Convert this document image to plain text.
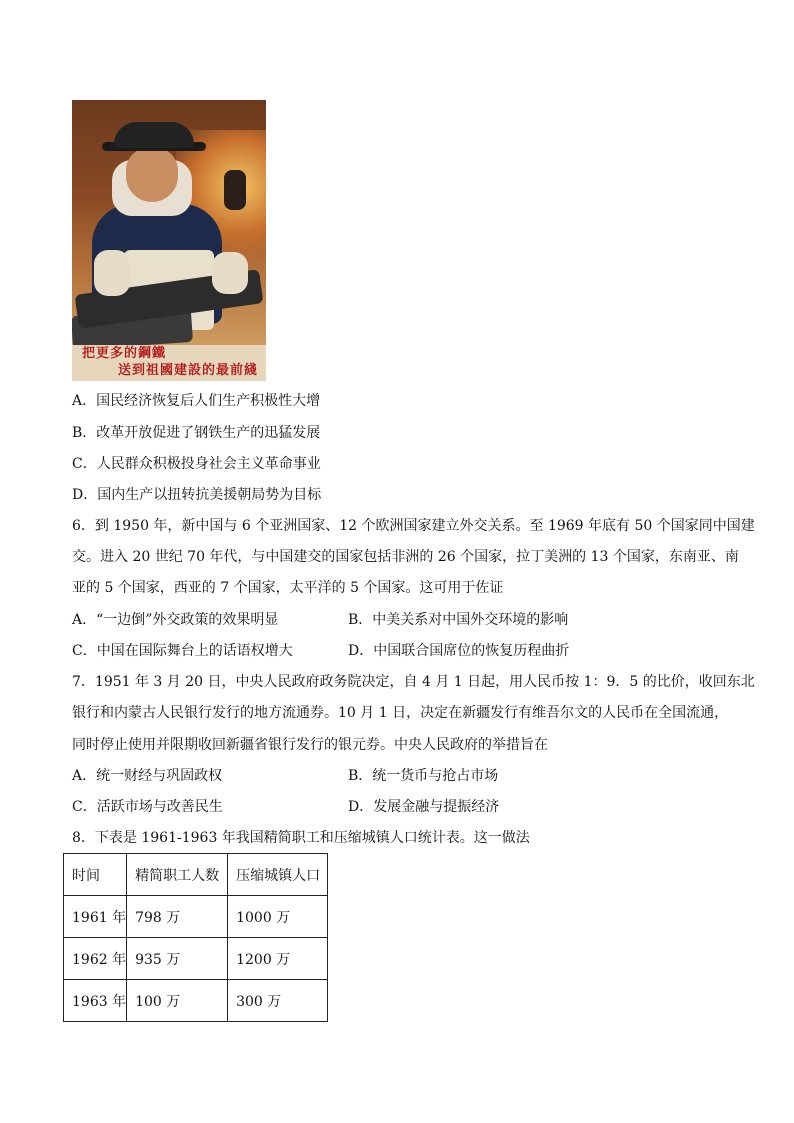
把更多的鋼鐵
送到祖國建設的最前綫
A．国民经济恢复后人们生产积极性大增
B．改革开放促进了钢铁生产的迅猛发展
C．人民群众积极投身社会主义革命事业
D．国内生产以扭转抗美援朝局势为目标
6．到 1950 年，新中国与 6 个亚洲国家、12 个欧洲国家建立外交关系。至 1969 年底有 50 个国家同中国建
交。进入 20 世纪 70 年代，与中国建交的国家包括非洲的 26 个国家，拉丁美洲的 13 个国家，东南亚、南
亚的 5 个国家，西亚的 7 个国家，太平洋的 5 个国家。这可用于佐证
A．“一边倒”外交政策的效果明显	B．中美关系对中国外交环境的影响
C．中国在国际舞台上的话语权增大	D．中国联合国席位的恢复历程曲折
7．1951 年 3 月 20 日，中央人民政府政务院决定，自 4 月 1 日起，用人民币按 1：9．5 的比价，收回东北
银行和内蒙古人民银行发行的地方流通券。10 月 1 日，决定在新疆发行有维吾尔文的人民币在全国流通，
同时停止使用并限期收回新疆省银行发行的银元券。中央人民政府的举措旨在
A．统一财经与巩固政权	B．统一货币与抢占市场
C．活跃市场与改善民生	D．发展金融与提振经济
8．下表是 1961-1963 年我国精简职工和压缩城镇人口统计表。这一做法
时间	精简职工人数	压缩城镇人口
1961 年	798 万	1000 万
1962 年	935 万	1200 万
1963 年	100 万	300 万
